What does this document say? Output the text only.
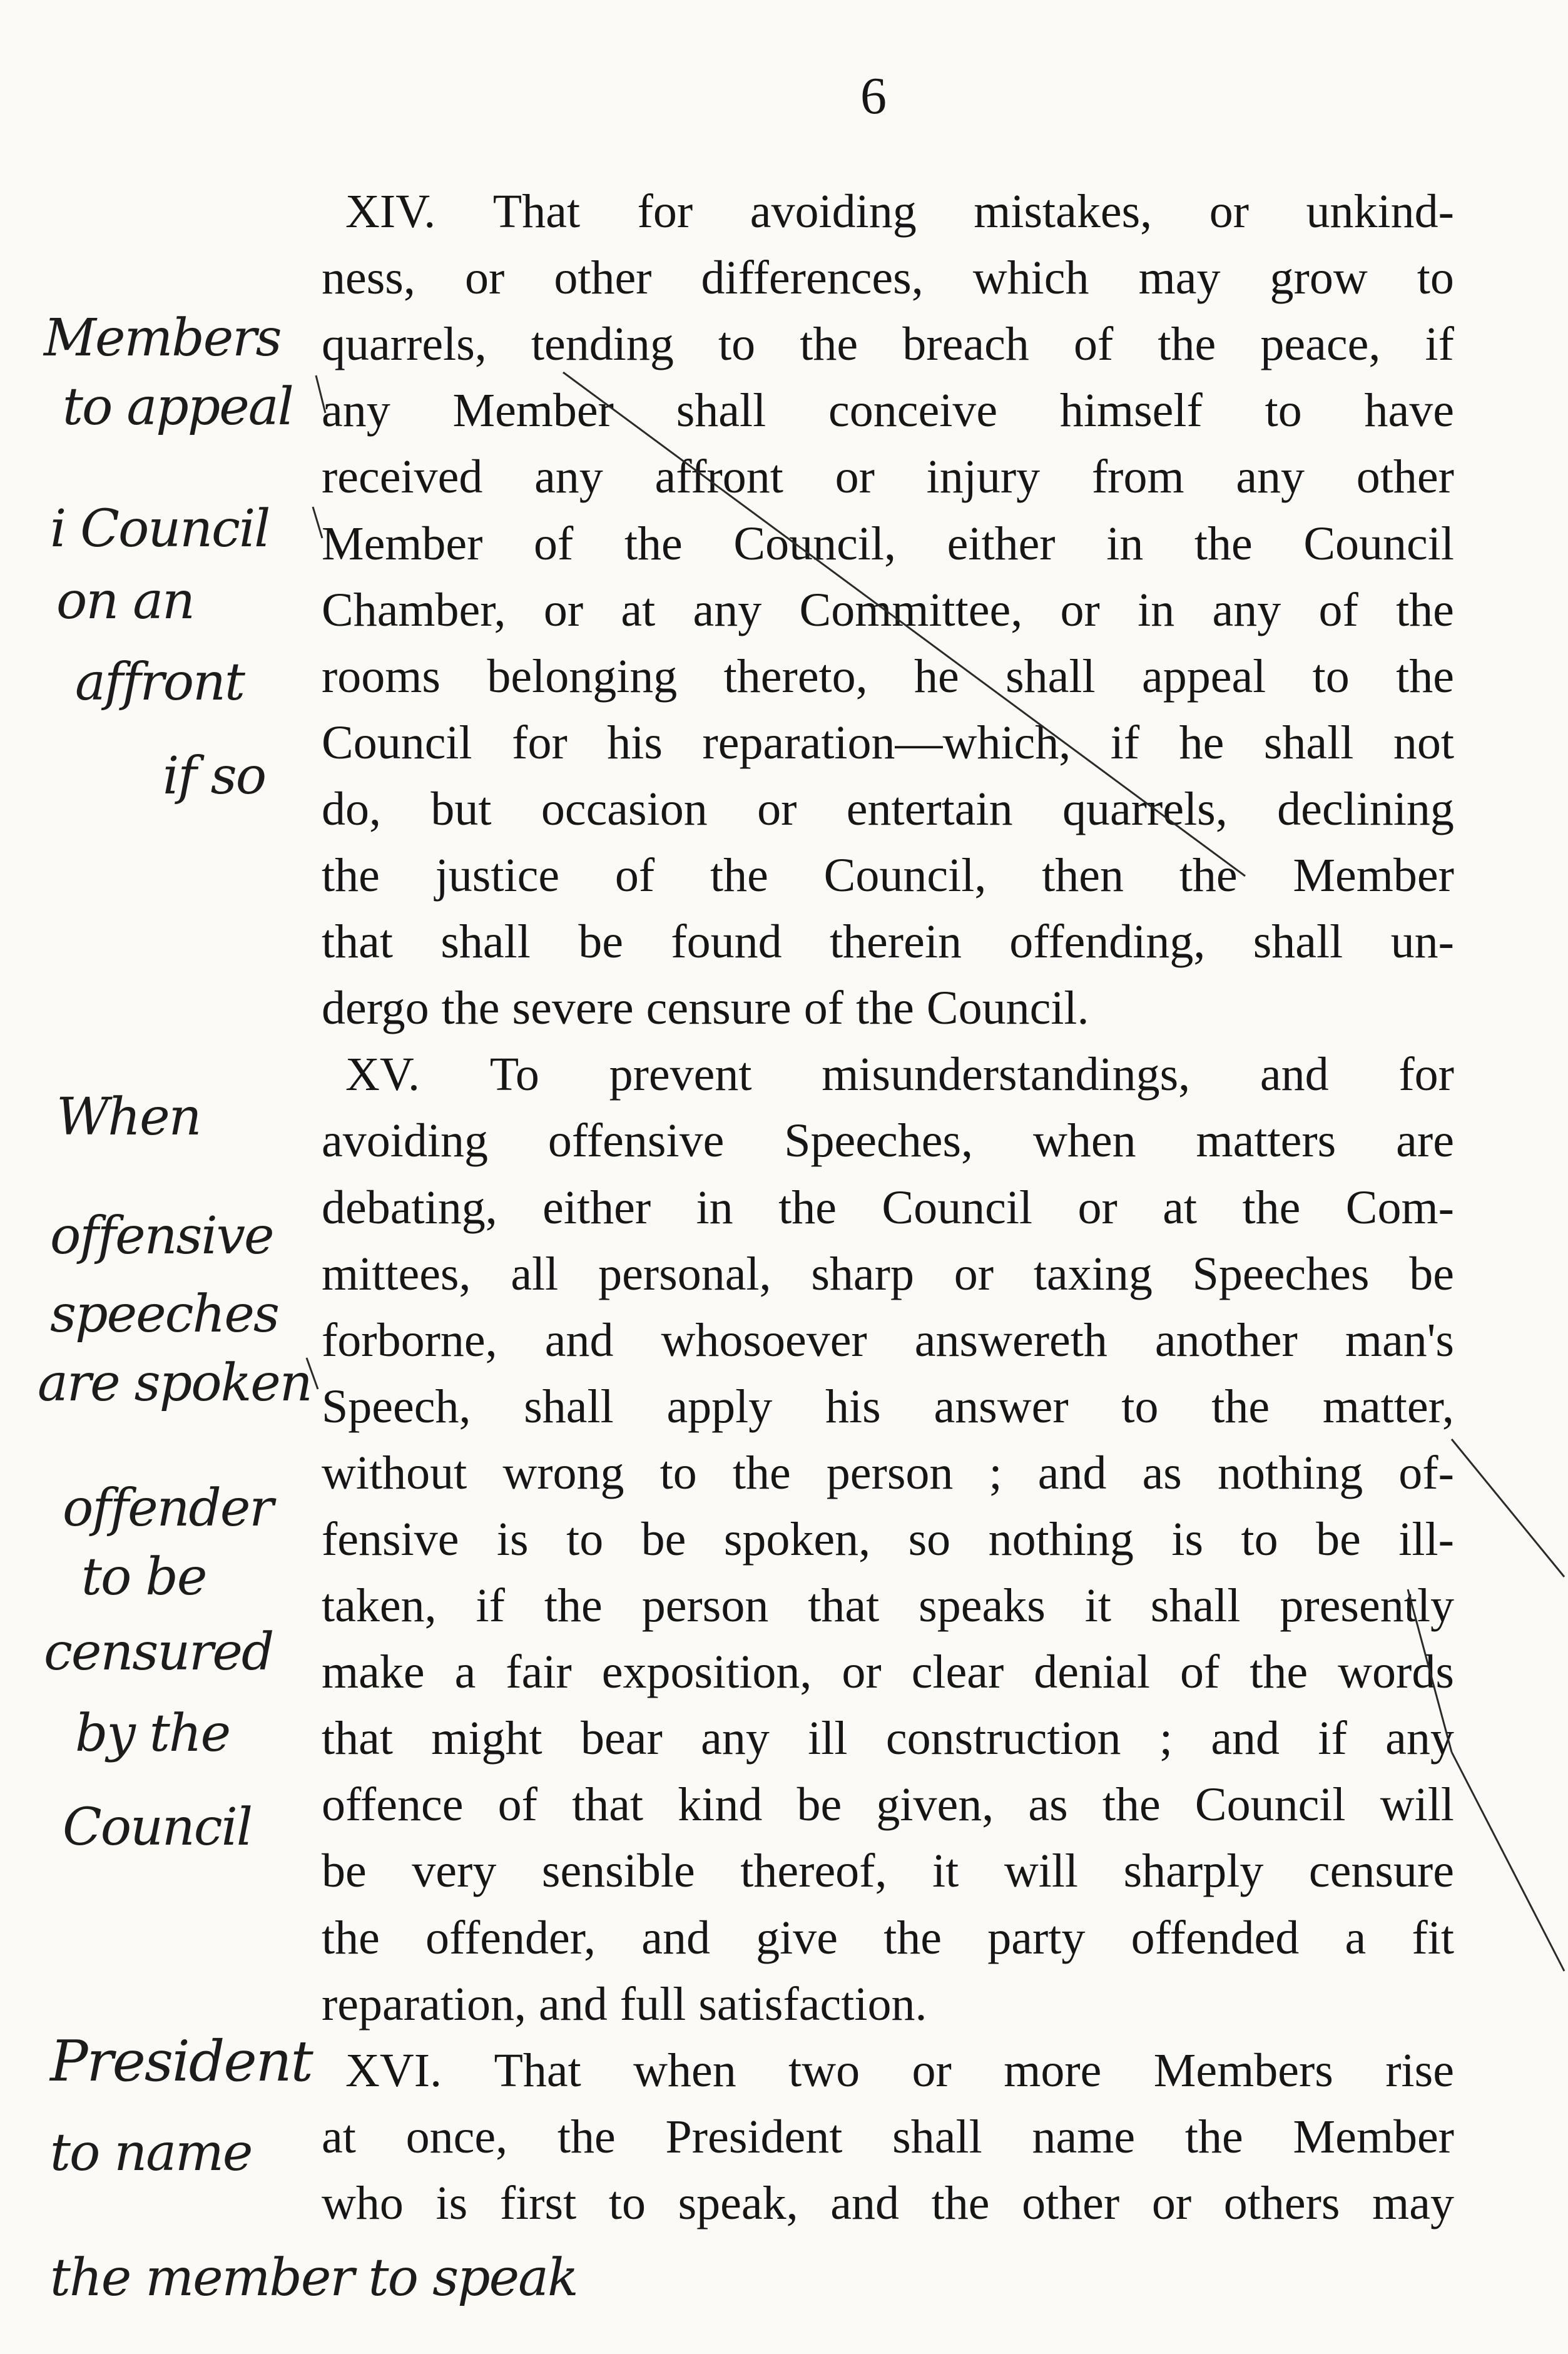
6
XIV. That for avoiding mistakes, or unkind-
ness, or other differences, which may grow to
quarrels, tending to the breach of the peace, if
any Member shall conceive himself to have
received any affront or injury from any other
Member of the Council, either in the Council
Chamber, or at any Committee, or in any of the
rooms belonging thereto, he shall appeal to the
Council for his reparation—which, if he shall not
do, but occasion or entertain quarrels, declining
the justice of the Council, then the Member
that shall be found therein offending, shall un-
dergo the severe censure of the Council.
XV. To prevent misunderstandings, and for
avoiding offensive Speeches, when matters are
debating, either in the Council or at the Com-
mittees, all personal, sharp or taxing Speeches be
forborne, and whosoever answereth another man's
Speech, shall apply his answer to the matter,
without wrong to the person ; and as nothing of-
fensive is to be spoken, so nothing is to be ill-
taken, if the person that speaks it shall presently
make a fair exposition, or clear denial of the words
that might bear any ill construction ; and if any
offence of that kind be given, as the Council will
be very sensible thereof, it will sharply censure
the offender, and give the party offended a fit
reparation, and full satisfaction.
XVI. That when two or more Members rise
at once, the President shall name the Member
who is first to speak, and the other or others may
Members
to appeal
i Council
on an
affront
if so
When
offensive
speeches
are spoken
offender
to be
censured
by the
Council
President
to name
the member to speak
